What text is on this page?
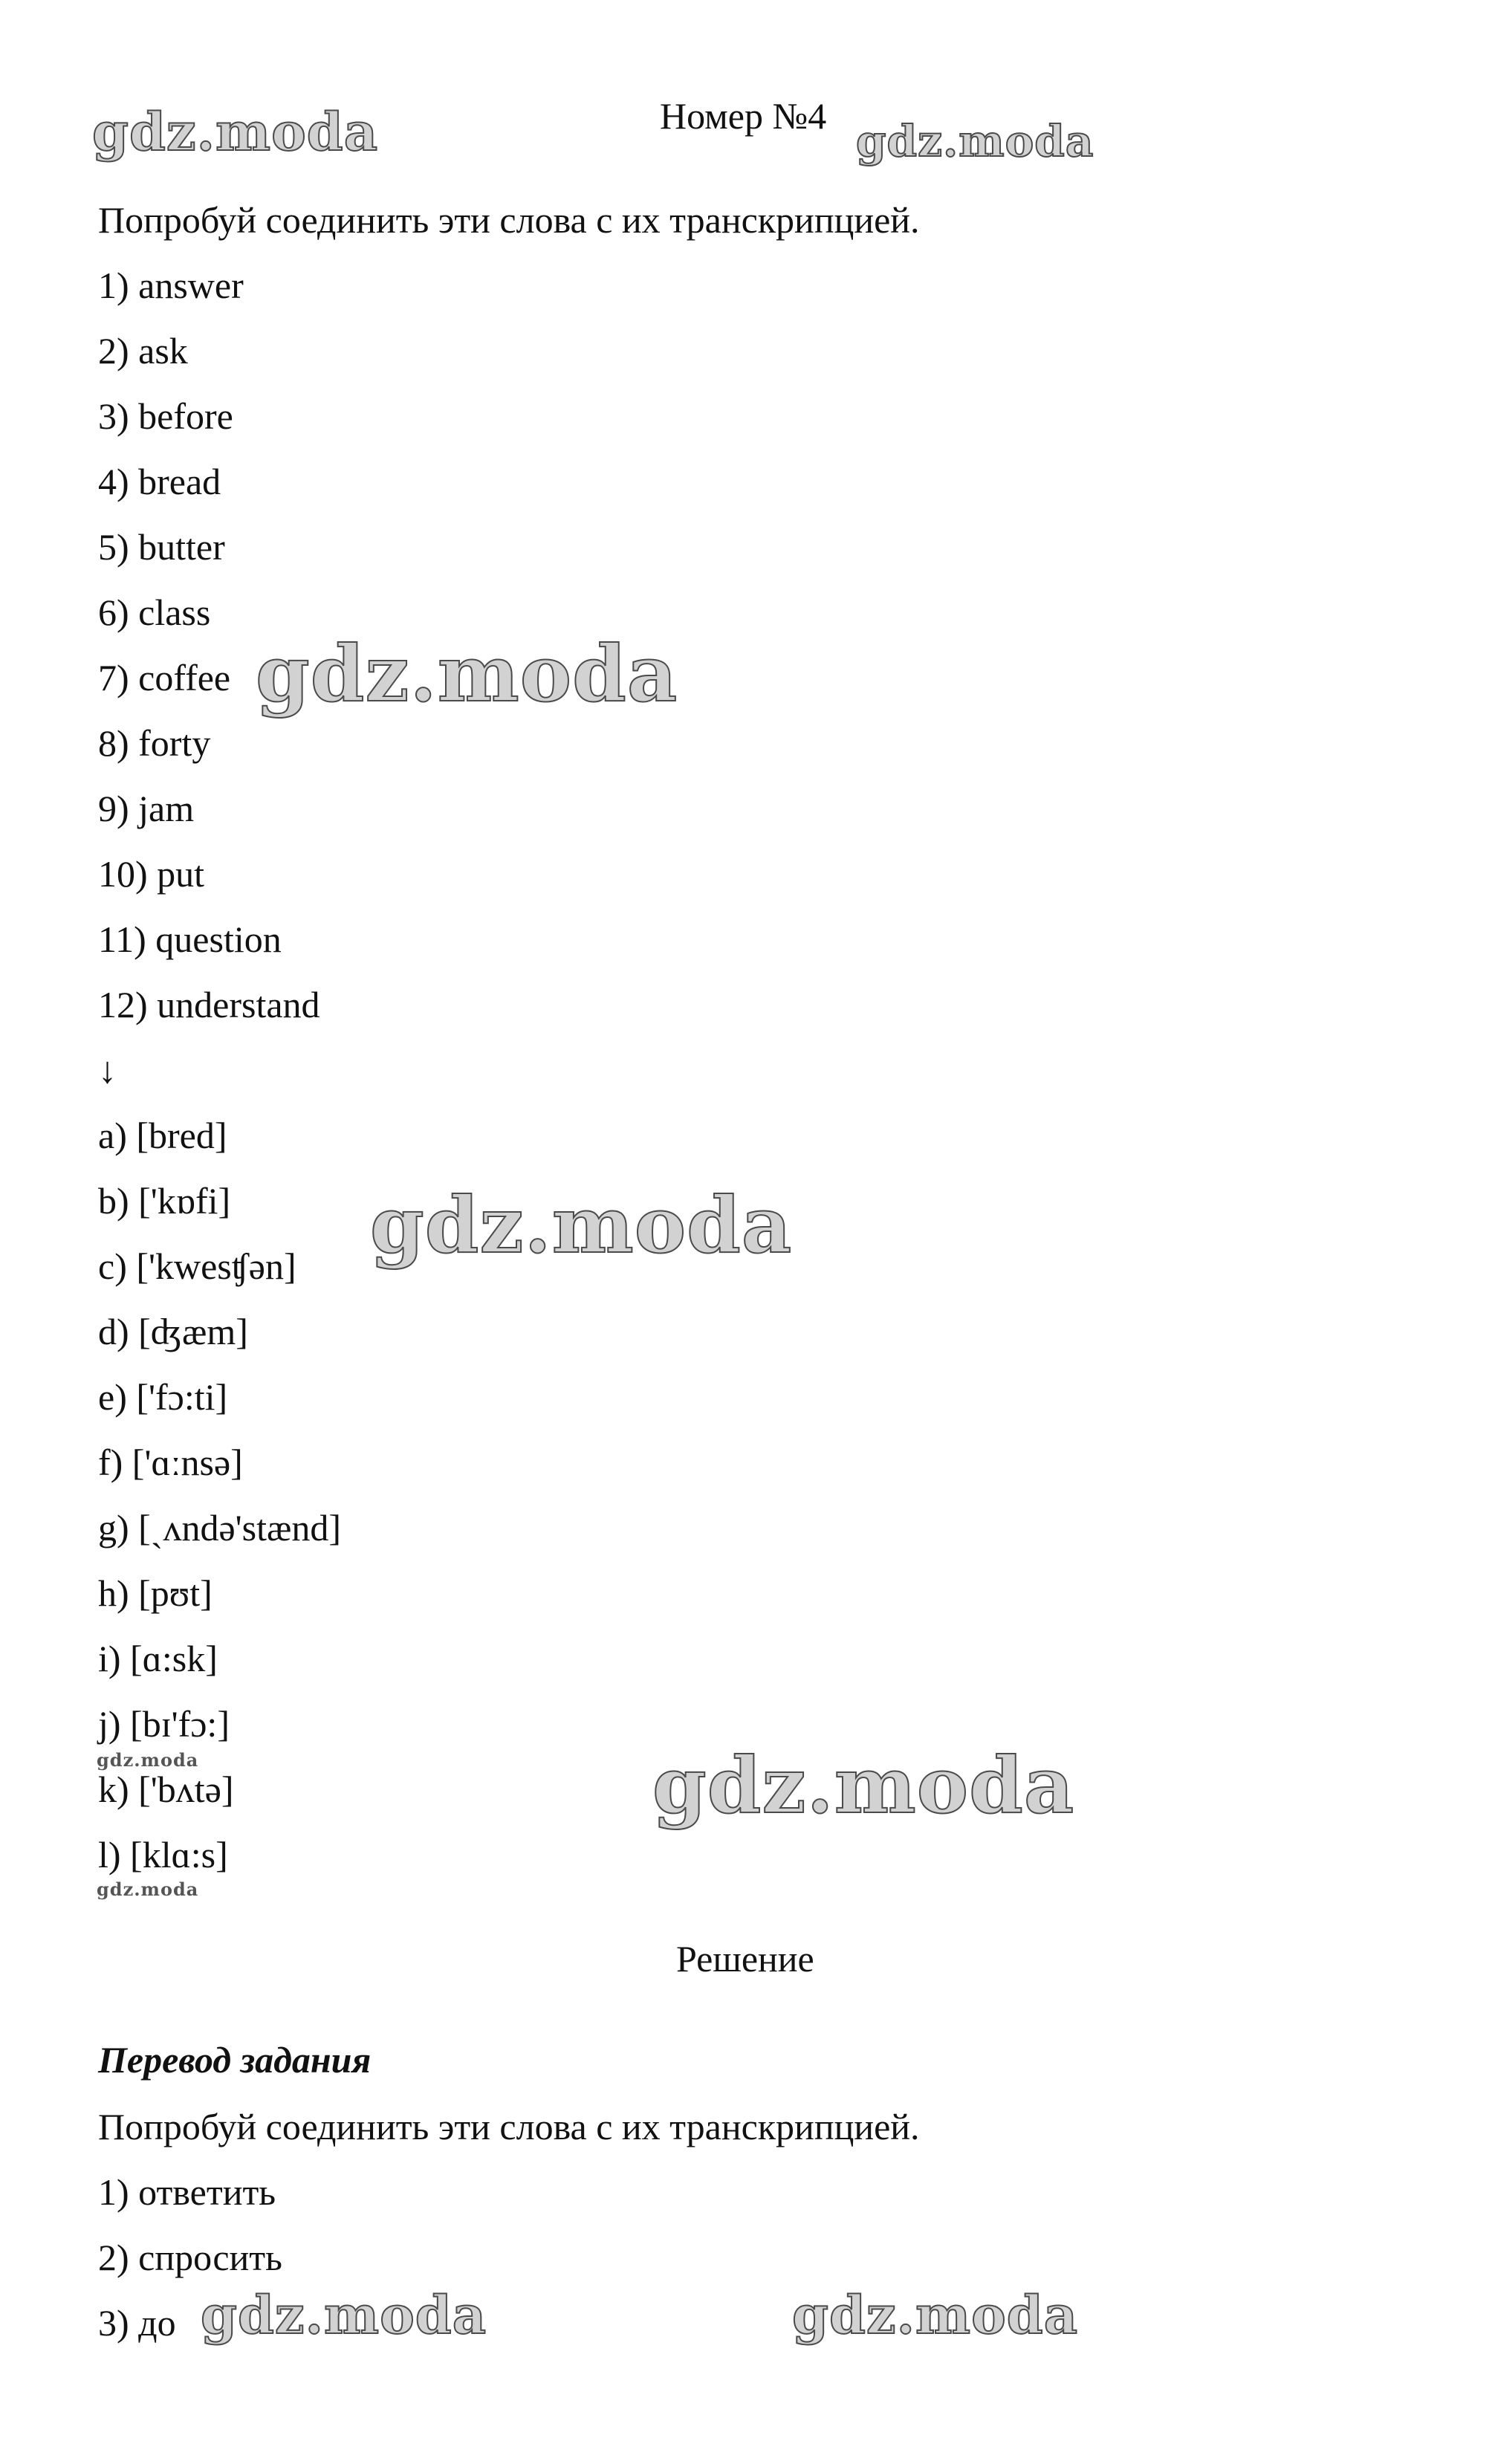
Номер №4
Попробуй соединить эти слова с их транскрипцией.
1) answer
2) ask
3) before
4) bread
5) butter
6) class
7) coffee
8) forty
9) jam
10) put
11) question
12) understand
↓
a) [bred]
b) ['kɒfi]
c) ['kwesʧən]
d) [ʤæm]
e) ['fɔ:ti]
f) ['ɑːnsə]
g) [ˏʌndə'stænd]
h) [pʊt]
i) [ɑ:sk]
j) [bɪ'fɔ:]
k) ['bʌtə]
l) [klɑ:s]
Решение
Перевод задания
Попробуй соединить эти слова с их транскрипцией.
1) ответить
2) спросить
3) до
gdz.moda	gdz.moda
gdz.moda
gdz.moda
gdz.moda
gdz.moda
gdz.moda
gdz.moda	gdz.moda
